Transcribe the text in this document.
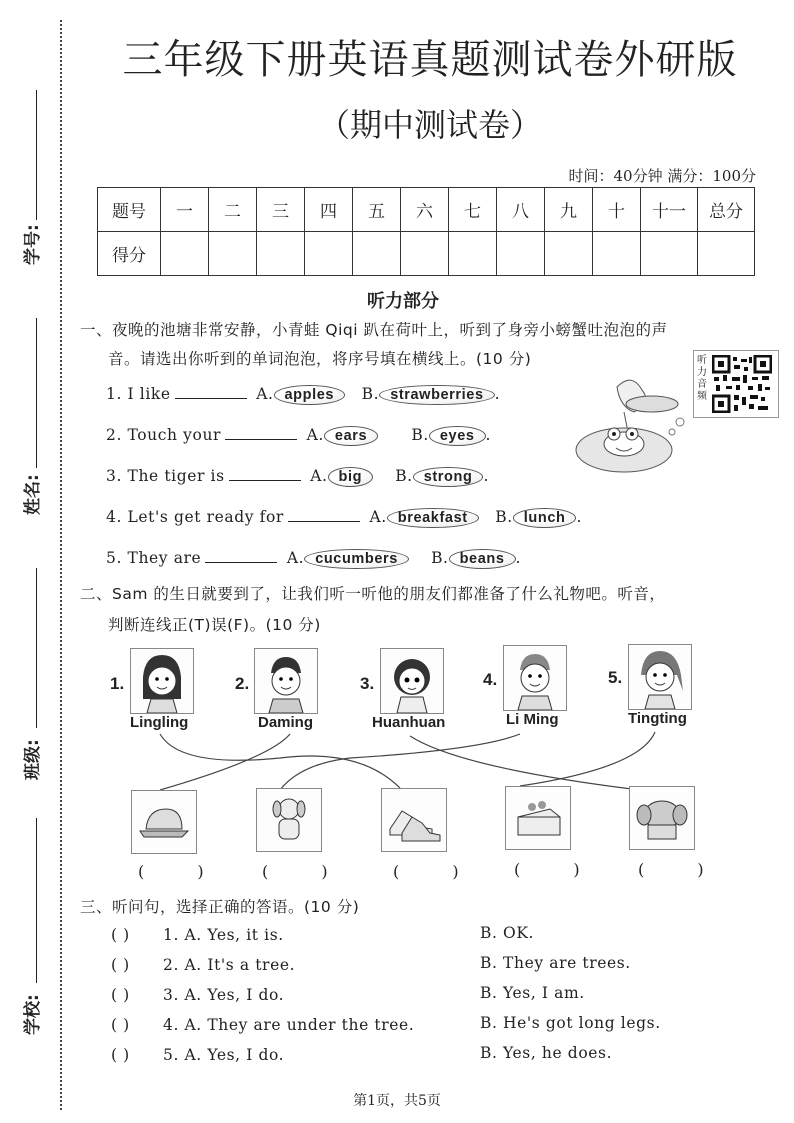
学号:
姓名:
班级:
学校:
三年级下册英语真题测试卷外研版
（期中测试卷）
时间：40分钟 满分：100分
题号	一	二	三	四	五	六	七	八	九	十	十一	总分
得分												
听力部分
一、夜晚的池塘非常安静，小青蛙 Qiqi 趴在荷叶上，听到了身旁小螃蟹吐泡泡的声
音。请选出你听到的单词泡泡，将序号填在横线上。(10 分)	听力音频
1. I like	A. apples B. strawberries .
2. Touch your	A. ears	B. eyes .
3. The tiger is	A. big B. strong .
4. Let's get ready for	A. breakfast B. lunch .
5. They are	A. cucumbers B. beans .
二、Sam 的生日就要到了，让我们听一听他的朋友们都准备了什么礼物吧。听音，
判断连线正(T)误(F)。(10 分)
1.
Lingling
2.
Daming
3.
Huanhuan
4.
Li Ming
5.
Tingting
( ) ( )	( ) ( ) ( )
三、听问句，选择正确的答语。(10 分)
( ) 1. A. Yes, it is.	B. OK.
( ) 2. A. It's a tree.	B. They are trees.
( ) 3. A. Yes, I do.	B. Yes, I am.
( ) 4. A. They are under the tree.	B. He's got long legs.
( ) 5. A. Yes, I do.	B. Yes, he does.
第1页，共5页
